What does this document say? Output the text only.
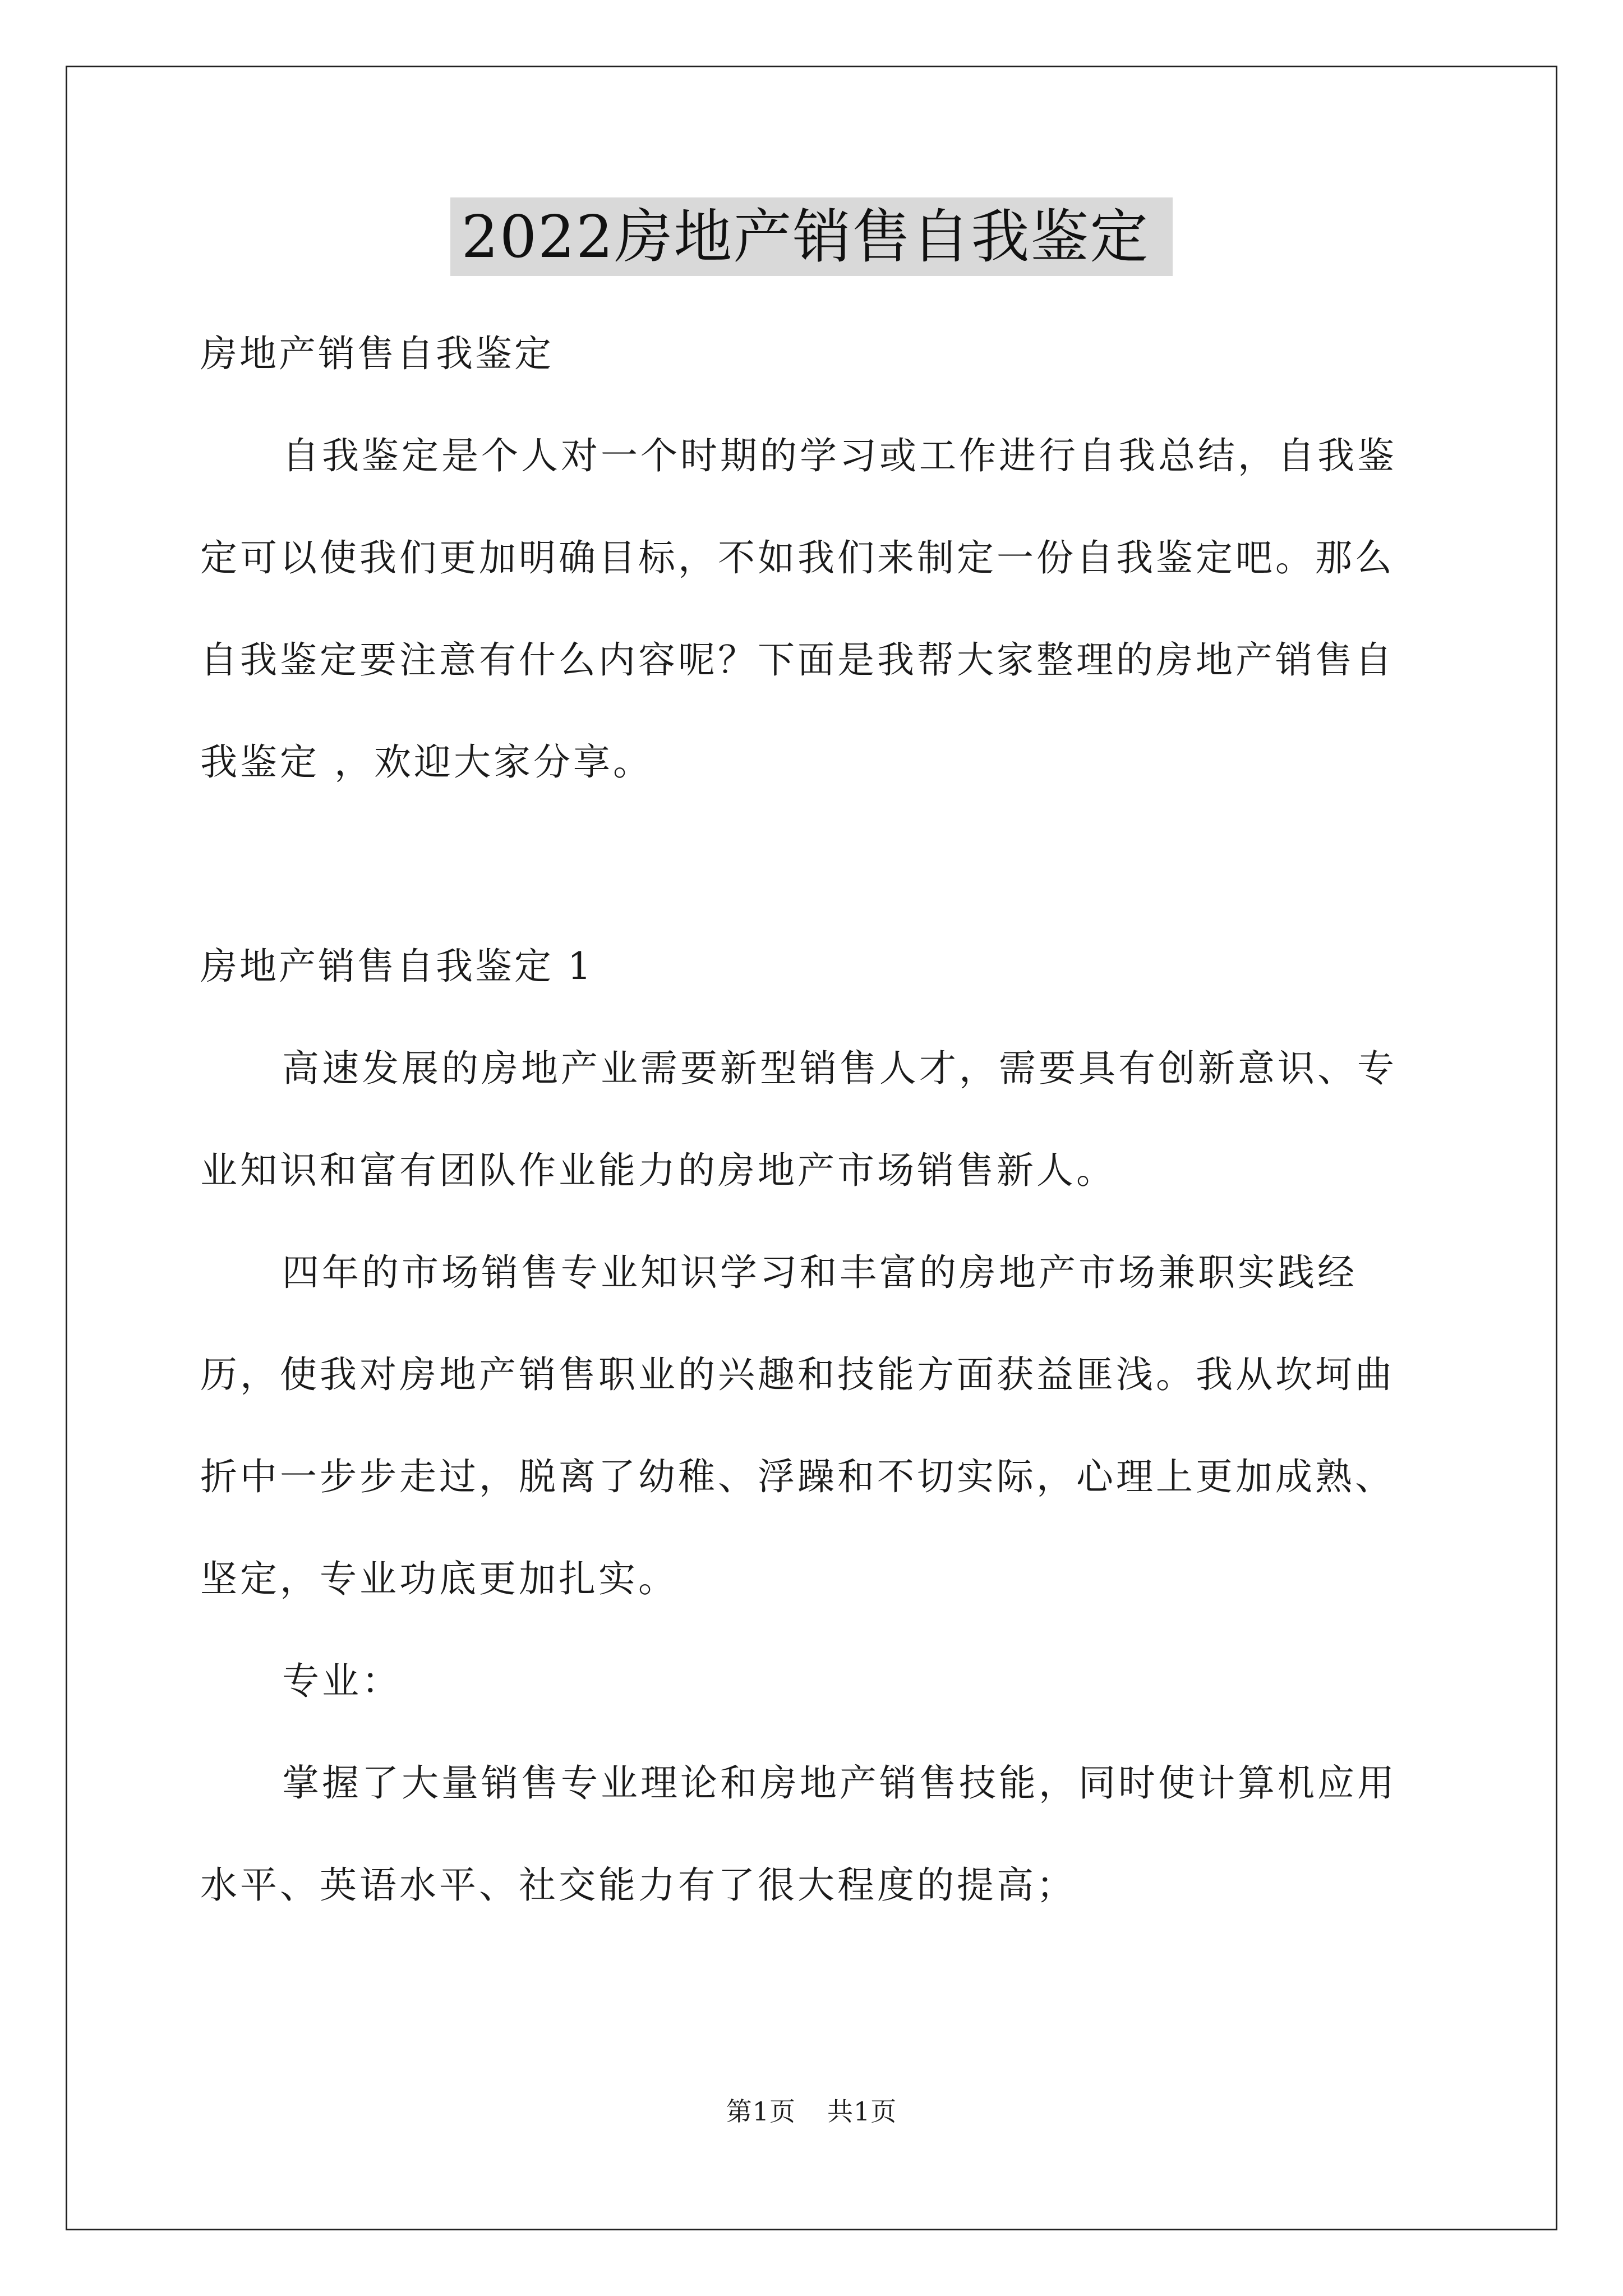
2022房地产销售自我鉴定

房地产销售自我鉴定

自我鉴定是个人对一个时期的学习或工作进行自我总结，自我鉴定可以使我们更加明确目标，不如我们来制定一份自我鉴定吧。那么自我鉴定要注意有什么内容呢？下面是我帮大家整理的房地产销售自我鉴定 ，欢迎大家分享。

房地产销售自我鉴定 1

高速发展的房地产业需要新型销售人才，需要具有创新意识、专业知识和富有团队作业能力的房地产市场销售新人。

四年的市场销售专业知识学习和丰富的房地产市场兼职实践经历，使我对房地产销售职业的兴趣和技能方面获益匪浅。我从坎坷曲折中一步步走过，脱离了幼稚、浮躁和不切实际，心理上更加成熟、坚定，专业功底更加扎实。

专业：

掌握了大量销售专业理论和房地产销售技能，同时使计算机应用水平、英语水平、社交能力有了很大程度的提高；

第1页 共1页
